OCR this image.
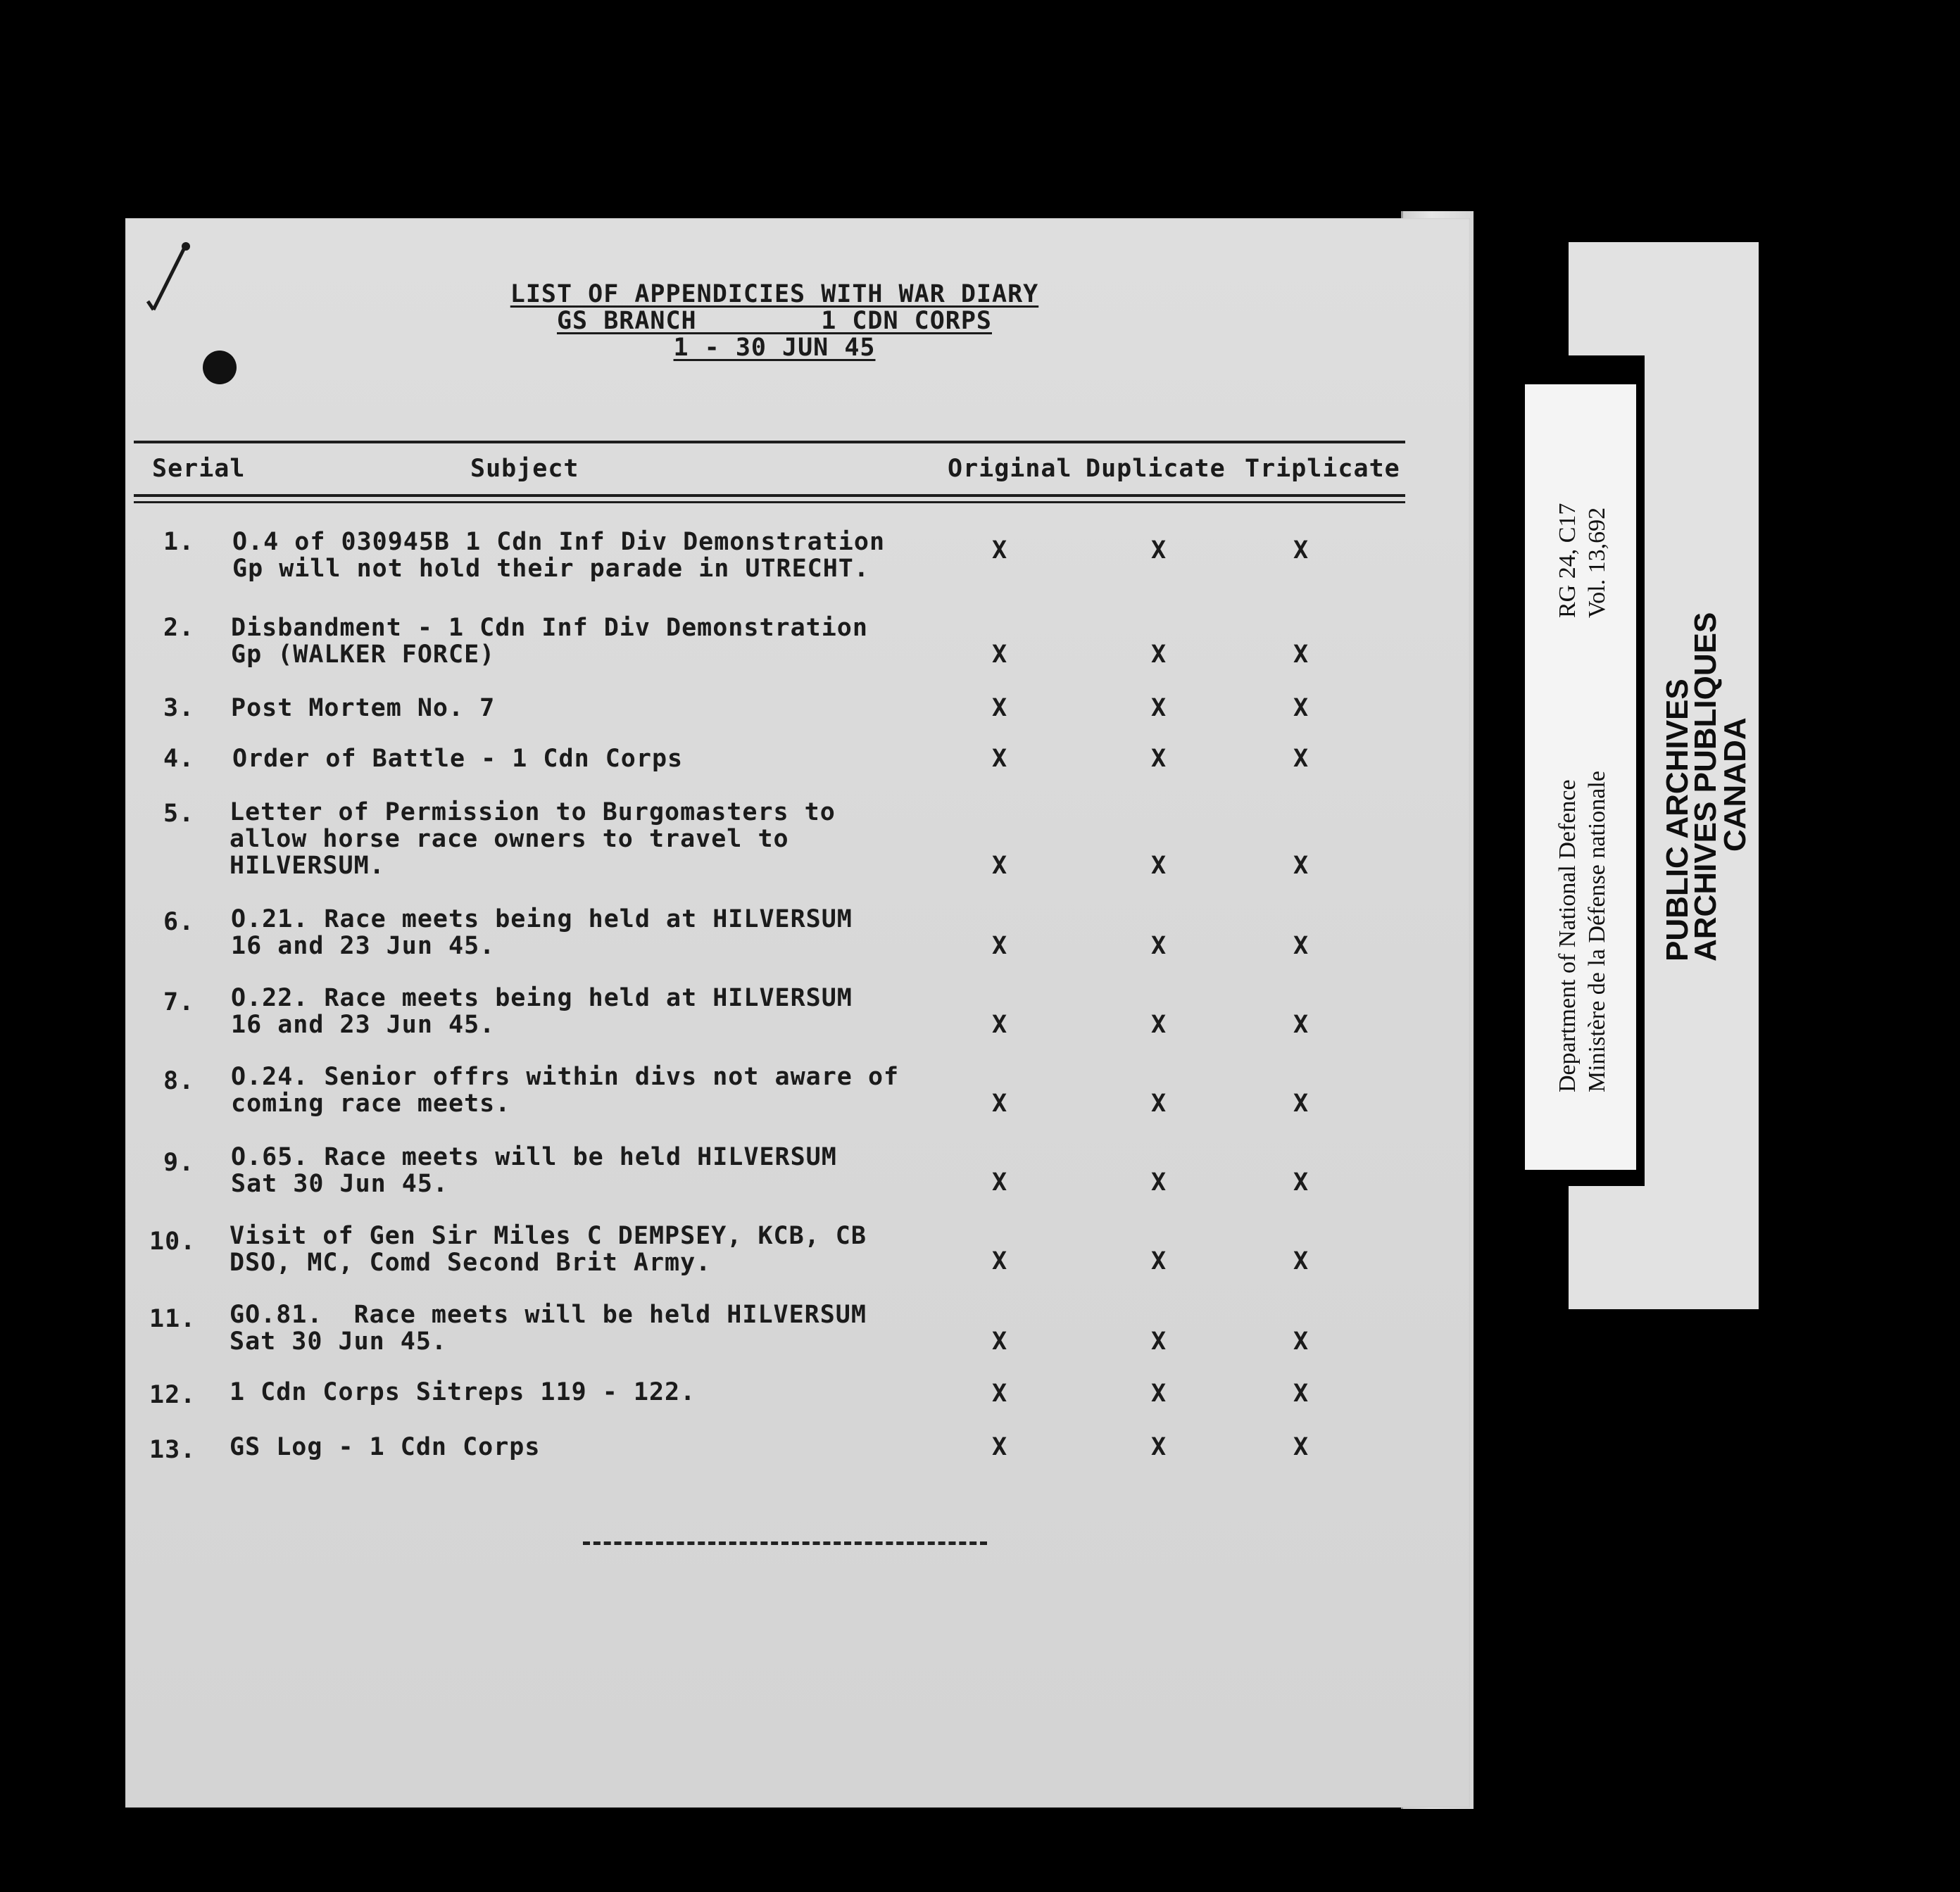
LIST OF APPENDICIES WITH WAR DIARY
GS BRANCH        1 CDN CORPS
1 - 30 JUN 45
Serial	Subject	Original Duplicate Triplicate
1. O.4 of 030945B 1 Cdn Inf Div Demonstration
Gp will not hold their parade in UTRECHT.
X	X	X
2. Disbandment - 1 Cdn Inf Div Demonstration
Gp (WALKER FORCE)	X	X	X
3. Post Mortem No. 7	X	X	X
4. Order of Battle - 1 Cdn Corps	X	X	X
5. Letter of Permission to Burgomasters to
allow horse race owners to travel to
HILVERSUM.	X	X	X
6. O.21. Race meets being held at HILVERSUM
16 and 23 Jun 45.	X	X	X
7. O.22. Race meets being held at HILVERSUM
16 and 23 Jun 45.	X	X	X
8. O.24. Senior offrs within divs not aware of
coming race meets.	X	X	X
9. O.65. Race meets will be held HILVERSUM
Sat 30 Jun 45.	X	X	X
10. Visit of Gen Sir Miles C DEMPSEY, KCB, CB
DSO, MC, Comd Second Brit Army.	X	X	X
11. GO.81.  Race meets will be held HILVERSUM
Sat 30 Jun 45.	X	X	X
12. 1 Cdn Corps Sitreps 119 - 122.	X	X	X
13. GS Log - 1 Cdn Corps	X	X	X
PUBLIC ARCHIVES
ARCHIVES PUBLIQUES
CANADA
Department of National Defence Ministère de la Défense nationale
RG 24, C17 Vol. 13,692
